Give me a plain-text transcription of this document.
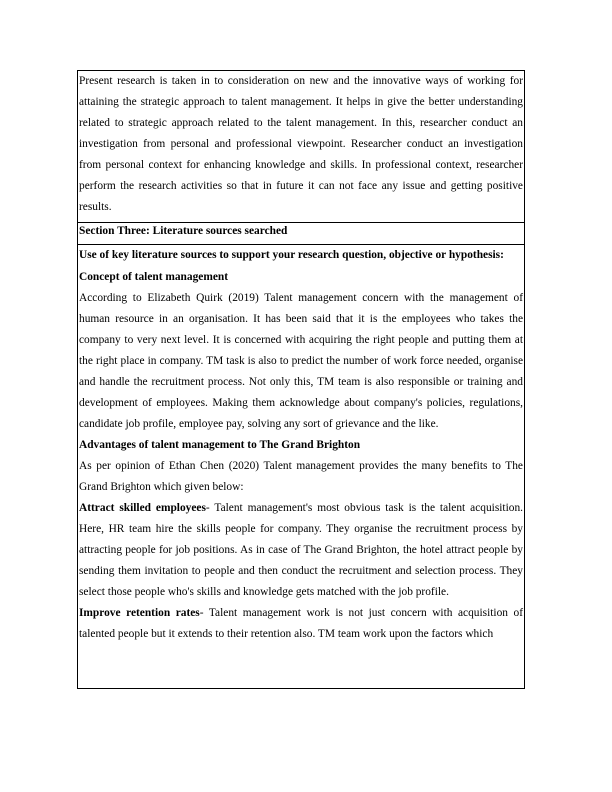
Present research is taken in to consideration on new and the innovative ways of working for attaining the strategic approach to talent management. It helps in give the better understanding related to strategic approach related to the talent management. In this, researcher conduct an investigation from personal and professional viewpoint. Researcher conduct an investigation from personal context for enhancing knowledge and skills. In professional context, researcher perform the research activities so that in future it can not face any issue and getting positive results.

Section Three: Literature sources searched

Use of key literature sources to support your research question, objective or hypothesis:

Concept of talent management

According to Elizabeth Quirk (2019) Talent management concern with the management of human resource in an organisation. It has been said that it is the employees who takes the company to very next level. It is concerned with acquiring the right people and putting them at the right place in company. TM task is also to predict the number of work force needed, organise and handle the recruitment process. Not only this, TM team is also responsible or training and development of employees. Making them acknowledge about company's policies, regulations, candidate job profile, employee pay, solving any sort of grievance and the like.

Advantages of talent management to The Grand Brighton

As per opinion of Ethan Chen (2020) Talent management provides the many benefits to The Grand Brighton which given below:

Attract skilled employees- Talent management's most obvious task is the talent acquisition. Here, HR team hire the skills people for company. They organise the recruitment process by attracting people for job positions. As in case of The Grand Brighton, the hotel attract people by sending them invitation to people and then conduct the recruitment and selection process. They select those people who's skills and knowledge gets matched with the job profile.

Improve retention rates- Talent management work is not just concern with acquisition of talented people but it extends to their retention also. TM team work upon the factors which
